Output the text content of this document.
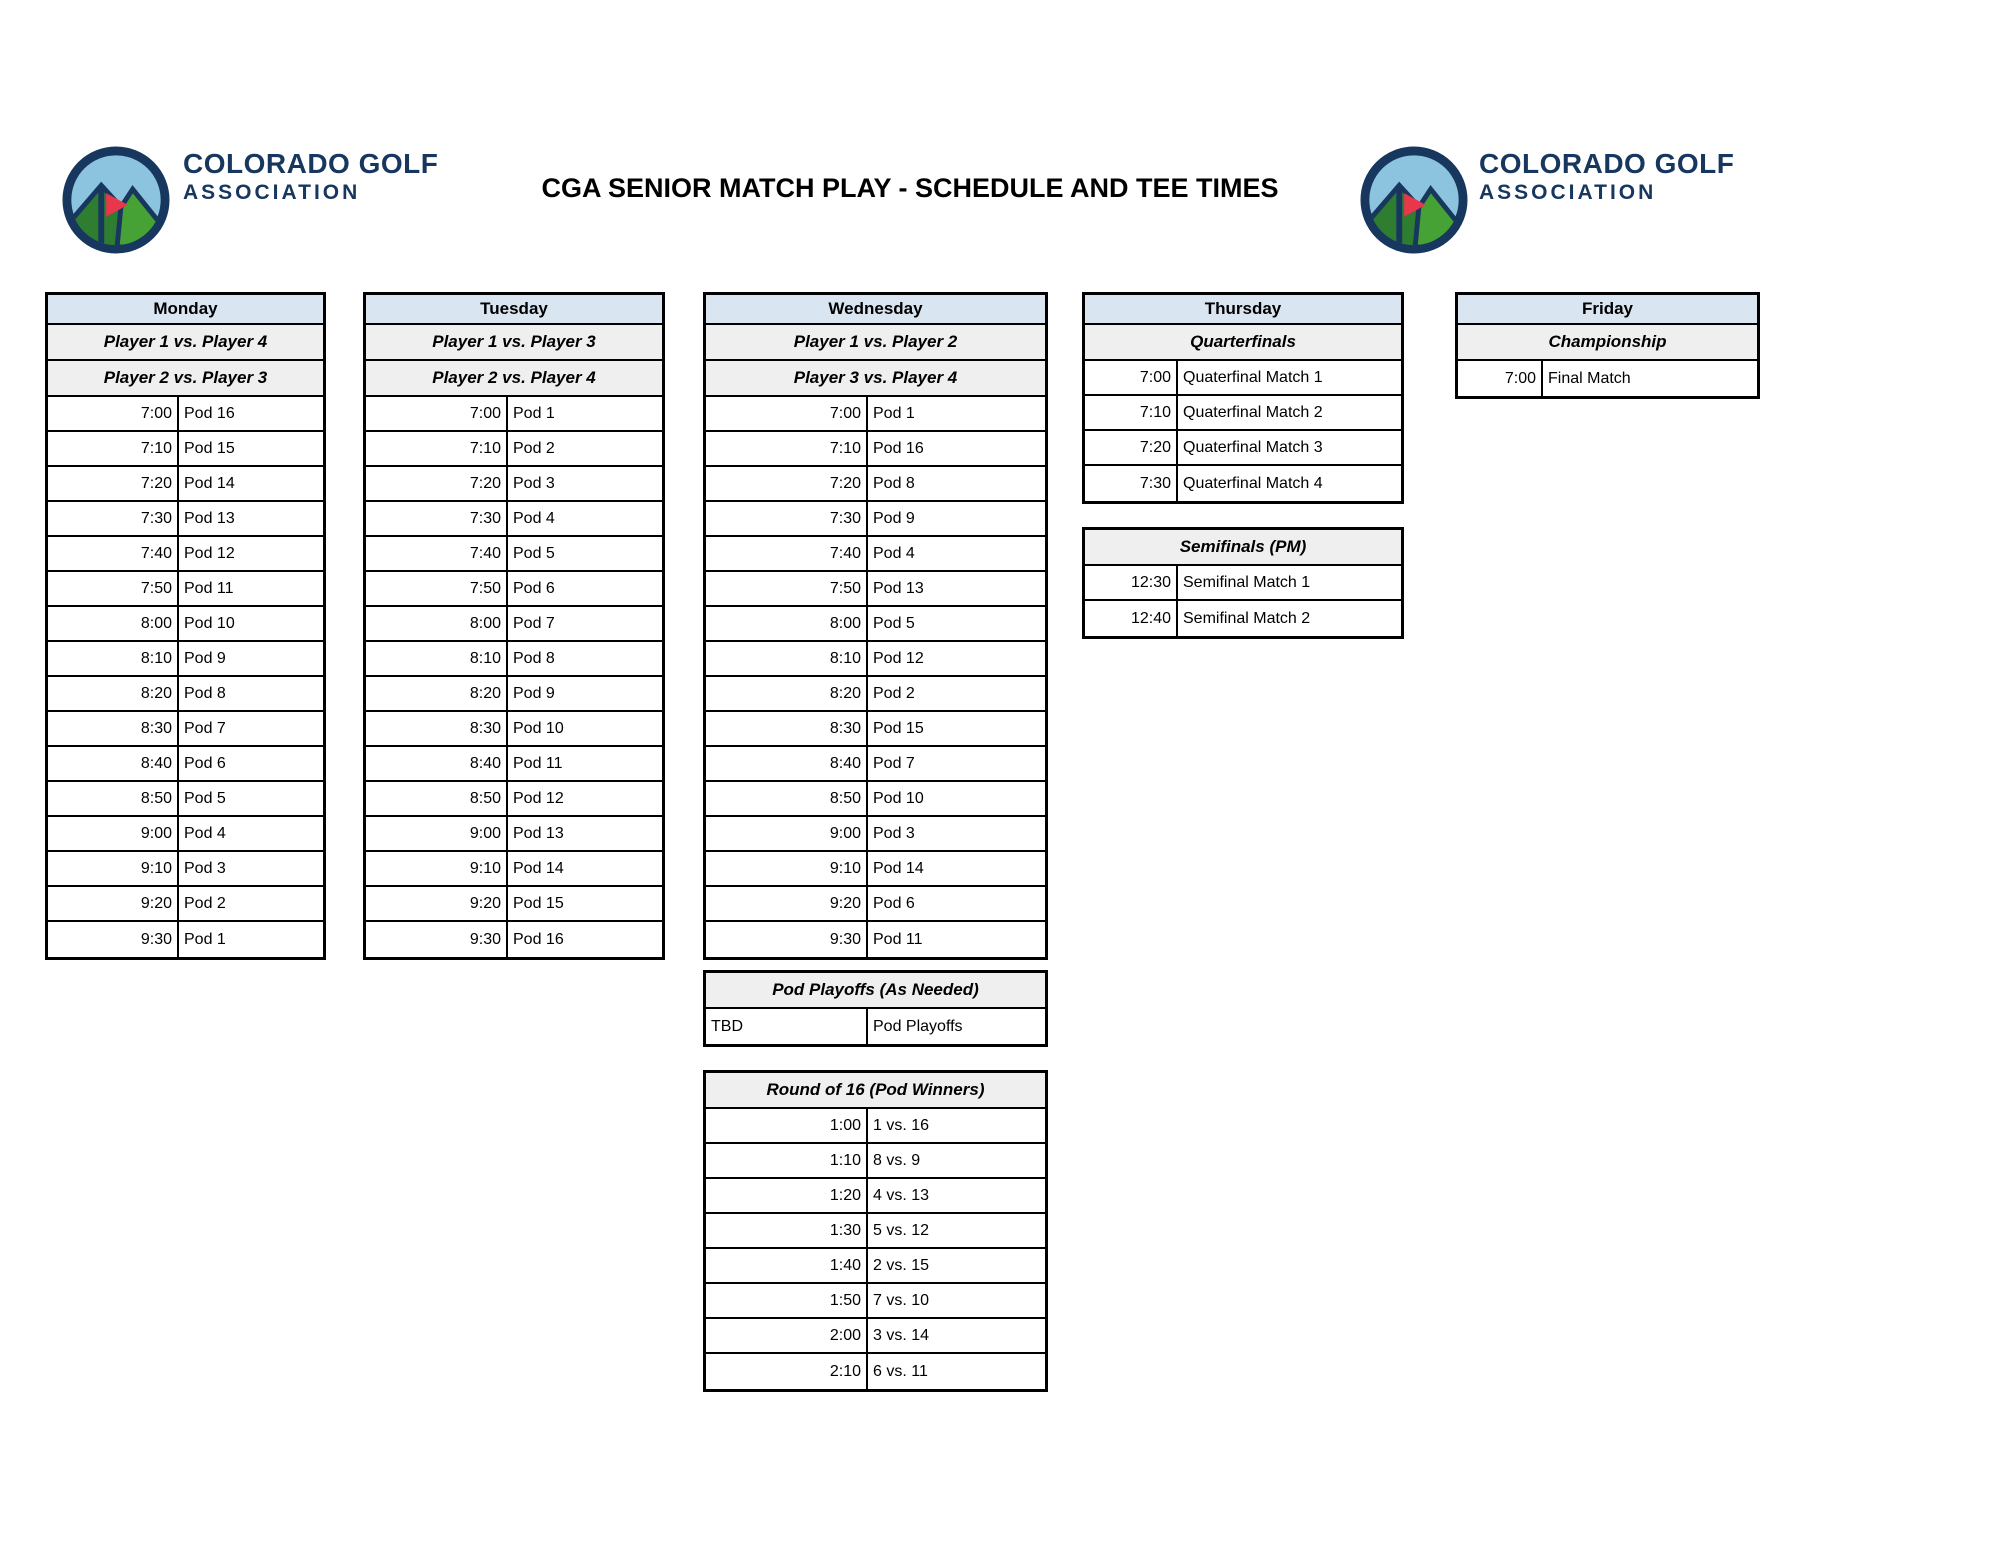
COLORADO GOLF
ASSOCIATION	CGA SENIOR MATCH PLAY - SCHEDULE AND TEE TIMES
COLORADO GOLF
ASSOCIATION
Monday
Player 1 vs. Player 4
Player 2 vs. Player 3
7:00 Pod 16
7:10 Pod 15
7:20 Pod 14
7:30 Pod 13
7:40 Pod 12
7:50 Pod 11
8:00 Pod 10
8:10 Pod 9
8:20 Pod 8
8:30 Pod 7
8:40 Pod 6
8:50 Pod 5
9:00 Pod 4
9:10 Pod 3
9:20 Pod 2
9:30 Pod 1
Tuesday
Player 1 vs. Player 3
Player 2 vs. Player 4
7:00 Pod 1
7:10 Pod 2
7:20 Pod 3
7:30 Pod 4
7:40 Pod 5
7:50 Pod 6
8:00 Pod 7
8:10 Pod 8
8:20 Pod 9
8:30 Pod 10
8:40 Pod 11
8:50 Pod 12
9:00 Pod 13
9:10 Pod 14
9:20 Pod 15
9:30 Pod 16
Wednesday
Player 1 vs. Player 2
Player 3 vs. Player 4
7:00 Pod 1
7:10 Pod 16
7:20 Pod 8
7:30 Pod 9
7:40 Pod 4
7:50 Pod 13
8:00 Pod 5
8:10 Pod 12
8:20 Pod 2
8:30 Pod 15
8:40 Pod 7
8:50 Pod 10
9:00 Pod 3
9:10 Pod 14
9:20 Pod 6
9:30 Pod 11
Thursday
Quarterfinals
7:00 Quaterfinal Match 1
7:10 Quaterfinal Match 2
7:20 Quaterfinal Match 3
7:30 Quaterfinal Match 4
Semifinals (PM)
12:30 Semifinal Match 1
12:40 Semifinal Match 2
Friday
Championship
7:00 Final Match
Pod Playoffs (As Needed)
TBD	Pod Playoffs
Round of 16 (Pod Winners)
1:00 1 vs. 16
1:10 8 vs. 9
1:20 4 vs. 13
1:30 5 vs. 12
1:40 2 vs. 15
1:50 7 vs. 10
2:00 3 vs. 14
2:10 6 vs. 11
